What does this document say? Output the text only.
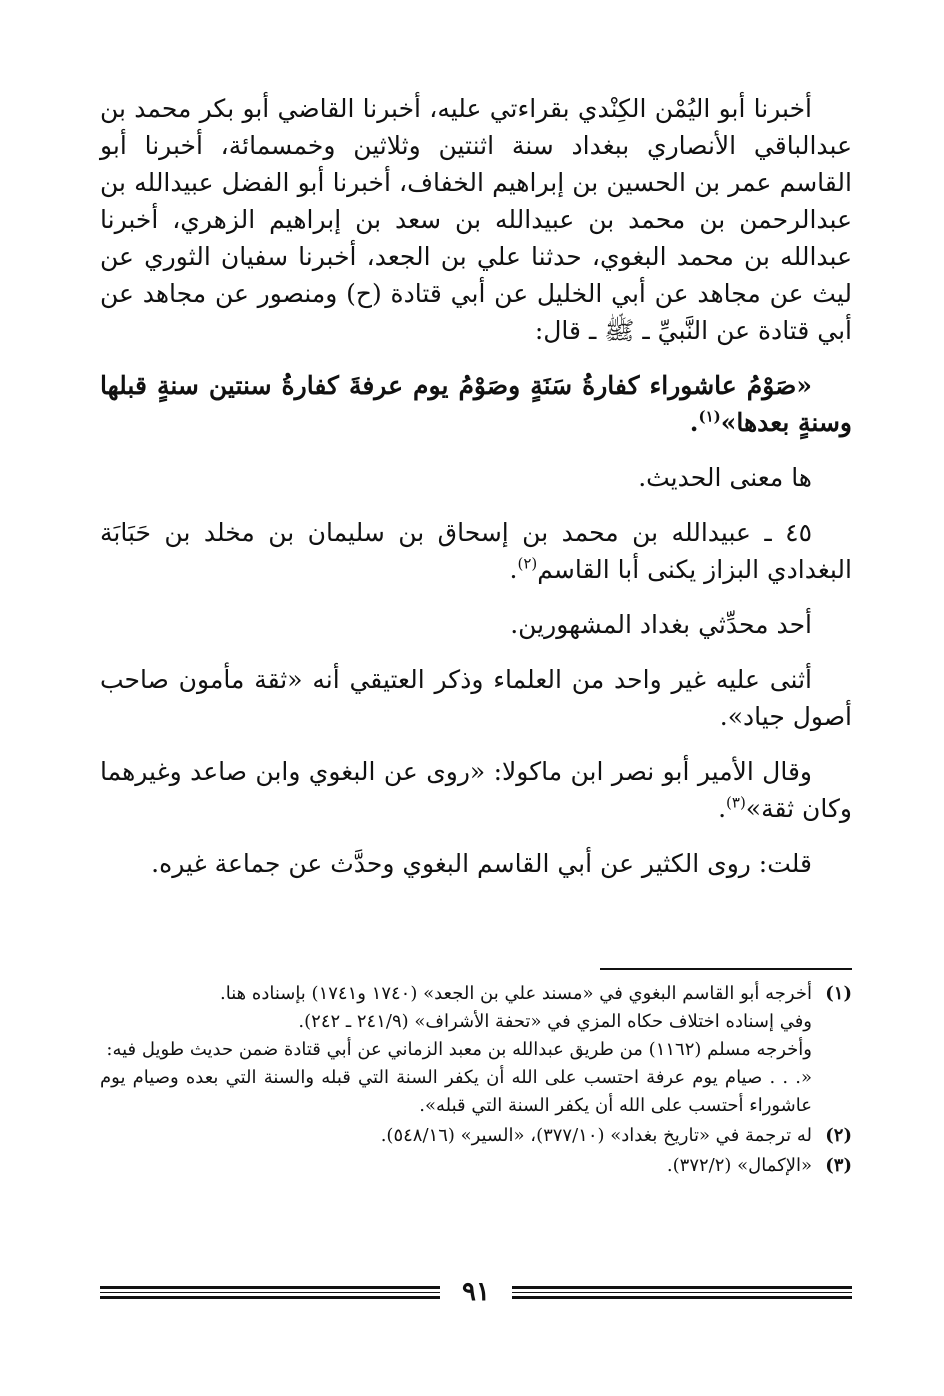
أخبرنا أبو اليُمْن الكِنْدي بقراءتي عليه، أخبرنا القاضي أبو بكر محمد بن عبدالباقي الأنصاري ببغداد سنة اثنتين وثلاثين وخمسمائة، أخبرنا أبو القاسم عمر بن الحسين بن إبراهيم الخفاف، أخبرنا أبو الفضل عبيدالله بن عبدالرحمن بن محمد بن عبيدالله بن سعد بن إبراهيم الزهري، أخبرنا عبدالله بن محمد البغوي، حدثنا علي بن الجعد، أخبرنا سفيان الثوري عن ليث عن مجاهد عن أبي الخليل عن أبي قتادة (ح) ومنصور عن مجاهد عن أبي قتادة عن النَّبيِّ ـ ﷺ ـ قال:

«صَوْمُ عاشوراء كفارةُ سَنَةٍ وصَوْمُ يوم عرفةَ كفارةُ سنتين سنةٍ قبلها وسنةٍ بعدها»$^{(١)}$.

ها معنى الحديث.

٤٥ ـ عبيدالله بن محمد بن إسحاق بن سليمان بن مخلد بن حَبَابَة البغدادي البزاز يكنى أبا القاسم$^{(٢)}$.

أحد محدِّثي بغداد المشهورين.

أثنى عليه غير واحد من العلماء وذكر العتيقي أنه «ثقة مأمون صاحب أصول جياد».

وقال الأمير أبو نصر ابن ماكولا: «روى عن البغوي وابن صاعد وغيرهما وكان ثقة»$^{(٣)}$.

قلت: روى الكثير عن أبي القاسم البغوي وحدَّث عن جماعة غيره.

(١)

أخرجه أبو القاسم البغوي في «مسند علي بن الجعد» (١٧٤٠ و١٧٤١) بإسناده هنا.

وفي إسناده اختلاف حكاه المزي في «تحفة الأشراف» (٢٤١/٩ ـ ٢٤٢).

وأخرجه مسلم (١١٦٢) من طريق عبدالله بن معبد الزماني عن أبي قتادة ضمن حديث طويل فيه:

«. . . صيام يوم عرفة احتسب على الله أن يكفر السنة التي قبله والسنة التي بعده وصيام يوم عاشوراء أحتسب على الله أن يكفر السنة التي قبله».

(٢)
له ترجمة في «تاريخ بغداد» (٣٧٧/١٠)، «السير» (٥٤٨/١٦).
(٣)
«الإكمال» (٣٧٢/٢).
٩١
